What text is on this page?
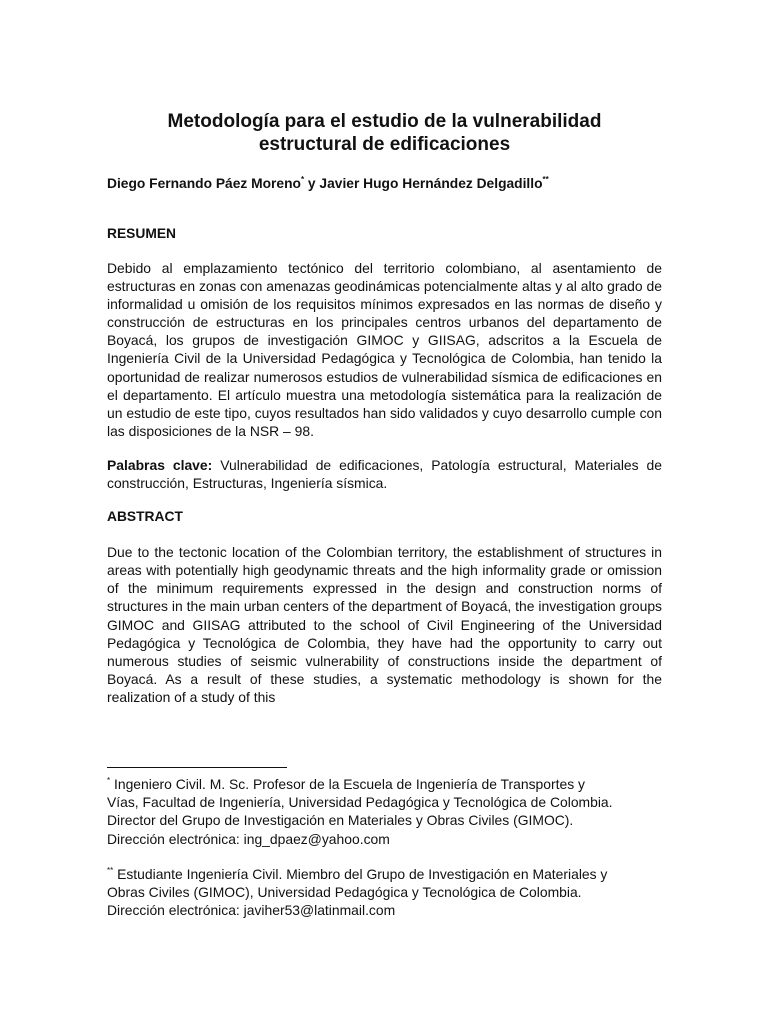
Metodología para el estudio de la vulnerabilidad
estructural de edificaciones
Diego Fernando Páez Moreno* y Javier Hugo Hernández Delgadillo**
RESUMEN

Debido al emplazamiento tectónico del territorio colombiano, al asentamiento de estructuras en zonas con amenazas geodinámicas potencialmente altas y al alto grado de informalidad u omisión de los requisitos mínimos expresados en las normas de diseño y construcción de estructuras en los principales centros urbanos del departamento de Boyacá, los grupos de investigación GIMOC y GIISAG, adscritos a la Escuela de Ingeniería Civil de la Universidad Pedagógica y Tecnológica de Colombia, han tenido la oportunidad de realizar numerosos estudios de vulnerabilidad sísmica de edificaciones en el departamento. El artículo muestra una metodología sistemática para la realización de un estudio de este tipo, cuyos resultados han sido validados y cuyo desarrollo cumple con las disposiciones de la NSR – 98.

Palabras clave: Vulnerabilidad de edificaciones, Patología estructural, Materiales de construcción, Estructuras, Ingeniería sísmica.

ABSTRACT

Due to the tectonic location of the Colombian territory, the establishment of structures in areas with potentially high geodynamic threats and the high informality grade or omission of the minimum requirements expressed in the design and construction norms of structures in the main urban centers of the department of Boyacá, the investigation groups GIMOC and GIISAG attributed to the school of Civil Engineering of the Universidad Pedagógica y Tecnológica de Colombia, they have had the opportunity to carry out numerous studies of seismic vulnerability of constructions inside the department of Boyacá. As a result of these studies, a systematic methodology is shown for the realization of a study of this

* Ingeniero Civil. M. Sc. Profesor de la Escuela de Ingeniería de Transportes y
Vías, Facultad de Ingeniería, Universidad Pedagógica y Tecnológica de Colombia.
Director del Grupo de Investigación en Materiales y Obras Civiles (GIMOC).
Dirección electrónica: ing_dpaez@yahoo.com

** Estudiante Ingeniería Civil. Miembro del Grupo de Investigación en Materiales y
Obras Civiles (GIMOC), Universidad Pedagógica y Tecnológica de Colombia.
Dirección electrónica: javiher53@latinmail.com
